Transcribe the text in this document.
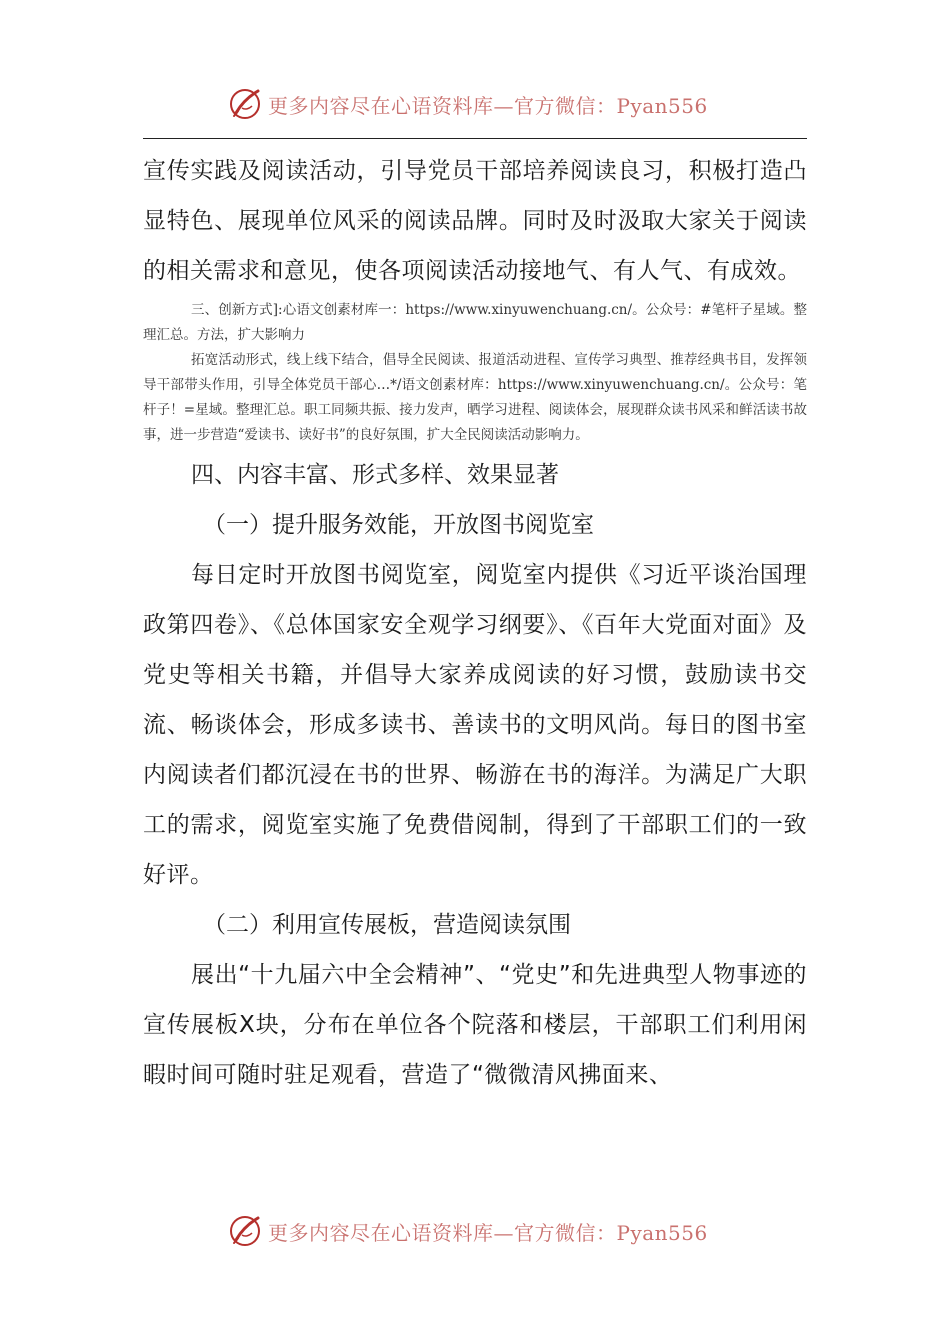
更多内容尽在心语资料库—官方微信：Pyan556

宣传实践及阅读活动，引导党员干部培养阅读良习，积极打造凸显特色、展现单位风采的阅读品牌。同时及时汲取大家关于阅读的相关需求和意见，使各项阅读活动接地气、有人气、有成效。

三、创新方式]:心语文创素材库一：https://www.xinyuwenchuang.cn/。公众号：#笔杆子星域。整理汇总。方法，扩大影响力

拓宽活动形式，线上线下结合，倡导全民阅读、报道活动进程、宣传学习典型、推荐经典书目，发挥领导干部带头作用，引导全体党员干部心…*/语文创素材库：https://www.xinyuwenchuang.cn/。公众号：笔杆子！=星域。整理汇总。职工同频共振、接力发声，晒学习进程、阅读体会，展现群众读书风采和鲜活读书故事，进一步营造“爱读书、读好书”的良好氛围，扩大全民阅读活动影响力。

四、内容丰富、形式多样、效果显著

（一）提升服务效能，开放图书阅览室

每日定时开放图书阅览室，阅览室内提供《习近平谈治国理政第四卷》、《总体国家安全观学习纲要》、《百年大党面对面》及党史等相关书籍，并倡导大家养成阅读的好习惯，鼓励读书交流、畅谈体会，形成多读书、善读书的文明风尚。每日的图书室内阅读者们都沉浸在书的世界、畅游在书的海洋。为满足广大职工的需求，阅览室实施了免费借阅制，得到了干部职工们的一致好评。

（二）利用宣传展板，营造阅读氛围

展出“十九届六中全会精神”、“党史”和先进典型人物事迹的宣传展板X块，分布在单位各个院落和楼层，干部职工们利用闲暇时间可随时驻足观看，营造了“微微清风拂面来、

更多内容尽在心语资料库—官方微信：Pyan556
